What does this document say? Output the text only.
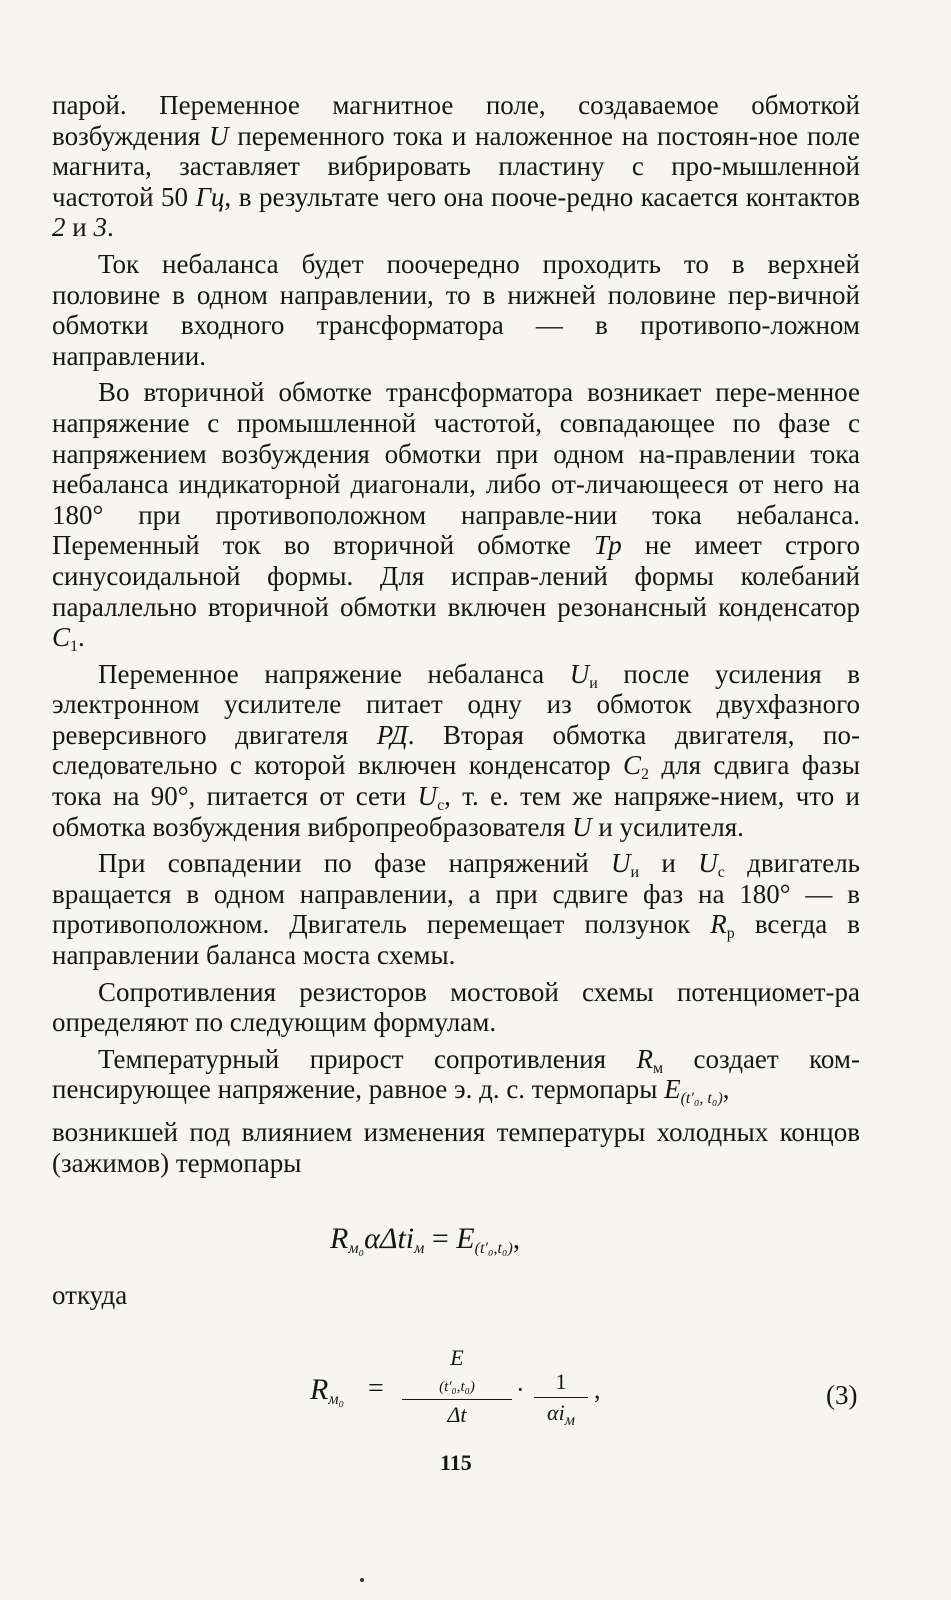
парой. Переменное магнитное поле, создаваемое обмоткой возбуждения U переменного тока и наложенное на постоян-ное поле магнита, заставляет вибрировать пластину с про-мышленной частотой 50 Гц, в результате чего она пооче-редно касается контактов 2 и 3.

Ток небаланса будет поочередно проходить то в верхней половине в одном направлении, то в нижней половине пер-вичной обмотки входного трансформатора — в противопо-ложном направлении.

Во вторичной обмотке трансформатора возникает пере-менное напряжение с промышленной частотой, совпадающее по фазе с напряжением возбуждения обмотки при одном на-правлении тока небаланса индикаторной диагонали, либо от-личающееся от него на 180° при противоположном направле-нии тока небаланса. Переменный ток во вторичной обмотке Тр не имеет строго синусоидальной формы. Для исправ-лений формы колебаний параллельно вторичной обмотки включен резонансный конденсатор $C_1$.

Переменное напряжение небаланса $U_и$ после усиления в электронном усилителе питает одну из обмоток двухфазного реверсивного двигателя РД. Вторая обмотка двигателя, по-следовательно с которой включен конденсатор $C_2$ для сдвига фазы тока на 90°, питается от сети $U_с$, т. е. тем же напряже-нием, что и обмотка возбуждения вибропреобразователя U и усилителя.

При совпадении по фазе напряжений $U_и$ и $U_с$ двигатель вращается в одном направлении, а при сдвиге фаз на 180° — в противоположном. Двигатель перемещает ползунок $R_р$ всегда в направлении баланса моста схемы.

Сопротивления резисторов мостовой схемы потенциомет-ра определяют по следующим формулам.

Температурный прирост сопротивления $R_м$ создает ком-пенсирующее напряжение, равное э. д. с. термопары $E_{(t'_0, t_0)}$,

возникшей под влиянием изменения температуры холодных концов (зажимов) термопары

$R_{м_0}\alpha\Delta ti_м = E_{(t'_0,t_0)}$,
откуда
$R_{м_0}$ =
E
(t′₀,t₀)
Δt
·	1
$\alpha i_м$
,	(3)
115
